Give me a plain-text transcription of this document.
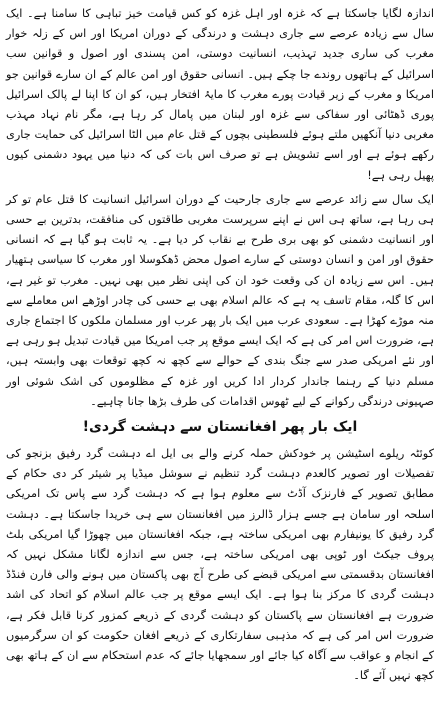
اندازہ لگایا جاسکتا ہے کہ غزہ اور اہل غزہ کو کس قیامت خیز تباہی کا سامنا ہے۔ ایک سال سے زیادہ عرصے سے جاری دہشت و درندگی کے دوران امریکا اور اس کے زلہ خوار مغرب کی ساری جدید تہذیب، انسانیت دوستی، امن پسندی اور اصول و قوانین سب اسرائیل کے ہاتھوں روندے جا چکے ہیں۔ انسانی حقوق اور امن عالم کے ان سارے قوانین جو امریکا و مغرب کے زیر قیادت پورے مغرب کا مایۂ افتخار ہیں، کو ان کا اپنا لے پالک اسرائیل پوری ڈھٹائی اور سفاکی سے غزہ اور لبنان میں پامال کر رہا ہے، مگر نام نہاد مہذب مغربی دنیا آنکھیں ملتے ہوئے فلسطینی بچوں کے قتل عام میں الٹا اسرائیل کی حمایت جاری رکھے ہوئے ہے اور اسے تشویش ہے تو صرف اس بات کی کہ دنیا میں یہود دشمنی کیوں پھیل رہی ہے!

ایک سال سے زائد عرصے سے جاری جارحیت کے دوران اسرائیل انسانیت کا قتل عام تو کر ہی رہا ہے، ساتھ ہی اس نے اپنے سرپرست مغربی طاقتوں کی منافقت، بدترین بے حسی اور انسانیت دشمنی کو بھی بری طرح بے نقاب کر دیا ہے۔ یہ ثابت ہو گیا ہے کہ انسانی حقوق اور امن و انسان دوستی کے سارے اصول محض ڈھکوسلا اور مغرب کا سیاسی ہتھیار ہیں۔ اس سے زیادہ ان کی وقعت خود ان کی اپنی نظر میں بھی نہیں۔ مغرب تو غیر ہے، اس کا گلہ، مقام تاسف یہ ہے کہ عالم اسلام بھی بے حسی کی چادر اوڑھے اس معاملے سے منہ موڑے کھڑا ہے۔ سعودی عرب میں ایک بار پھر عرب اور مسلمان ملکوں کا اجتماع جاری ہے، ضرورت اس امر کی ہے کہ ایک ایسے موقع پر جب امریکا میں قیادت تبدیل ہو رہی ہے اور نئے امریکی صدر سے جنگ بندی کے حوالے سے کچھ نہ کچھ توقعات بھی وابستہ ہیں، مسلم دنیا کے رہنما جاندار کردار ادا کریں اور غزہ کے مظلوموں کی اشک شوئی اور صہیونی درندگی رکوانے کے لیے ٹھوس اقدامات کی طرف بڑھا جانا چاہیے۔

ایک بار پھر افغانستان سے دہشت گردی!

کوئٹہ ریلوے اسٹیشن پر خودکش حملہ کرنے والے بی ایل اے دہشت گرد رفیق بزنجو کی تفصیلات اور تصویر کالعدم دہشت گرد تنظیم نے سوشل میڈیا پر شیئر کر دی حکام کے مطابق تصویر کے فارنزک آڈٹ سے معلوم ہوا ہے کہ دہشت گرد سے پاس تک امریکی اسلحہ اور سامان ہے جسے ہزار ڈالرز میں افغانستان سے ہی خریدا جاسکتا ہے۔ دہشت گرد رفیق کا یونیفارم بھی امریکی ساختہ ہے، جبکہ افغانستان میں چھوڑا گیا امریکی بلٹ پروف جیکٹ اور ٹوپی بھی امریکی ساختہ ہے، جس سے اندازہ لگانا مشکل نہیں کہ افغانستان بدقسمتی سے امریکی قبضے کی طرح آج بھی پاکستان میں ہونے والی فارن فنڈڈ دہشت گردی کا مرکز بنا ہوا ہے۔ ایک ایسے موقع پر جب عالم اسلام کو اتحاد کی اشد ضرورت ہے افغانستان سے پاکستان کو دہشت گردی کے ذریعے کمزور کرنا قابل فکر ہے، ضرورت اس امر کی ہے کہ مذہبی سفارتکاری کے ذریعے افغان حکومت کو ان سرگرمیوں کے انجام و عواقب سے آگاہ کیا جائے اور سمجھایا جائے کہ عدم استحکام سے ان کے ہاتھ بھی کچھ نہیں آئے گا۔
